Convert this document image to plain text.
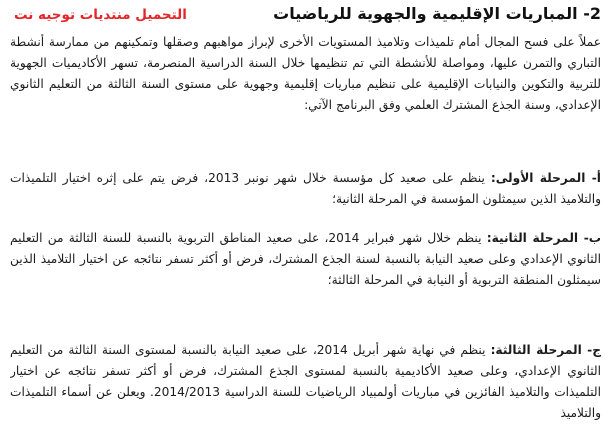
2- المباريات الإقليمية والجهوية للرياضيات
التحميل منتديات توجيه نت

عملاً على فسح المجال أمام تلميذات وتلاميذ المستويات الأخرى لإبراز مواهبهم وصقلها وتمكينهم من ممارسة أنشطة التباري والتمرن عليها، ومواصلة للأنشطة التي تم تنظيمها خلال السنة الدراسية المنصرمة، تسهر الأكاديميات الجهوية للتربية والتكوين والنيابات الإقليمية على تنظيم مباريات إقليمية وجهوية على مستوى السنة الثالثة من التعليم الثانوي الإعدادي، وسنة الجذع المشترك العلمي وفق البرنامج الآتي:

أ- المرحلة الأولى: ينظم على صعيد كل مؤسسة خلال شهر نونبر 2013، فرض يتم على إثره اختيار التلميذات والتلاميذ الذين سيمثلون المؤسسة في المرحلة الثانية؛

ب- المرحلة الثانية: ينظم خلال شهر فبراير 2014، على صعيد المناطق التربوية بالنسبة للسنة الثالثة من التعليم الثانوي الإعدادي وعلى صعيد النيابة بالنسبة لسنة الجذع المشترك، فرض أو أكثر تسفر نتائجه عن اختيار التلاميذ الذين سيمثلون المنطقة التربوية أو النيابة في المرحلة الثالثة؛

ج- المرحلة الثالثة: ينظم في نهاية شهر أبريل 2014، على صعيد النيابة بالنسبة لمستوى السنة الثالثة من التعليم الثانوي الإعدادي، وعلى صعيد الأكاديمية بالنسبة لمستوى الجذع المشترك، فرض أو أكثر تسفر نتائجه عن اختيار التلميذات والتلاميذ الفائزين في مباريات أولمبياد الرياضيات للسنة الدراسية 2014/2013. ويعلن عن أسماء التلميذات والتلاميذ
